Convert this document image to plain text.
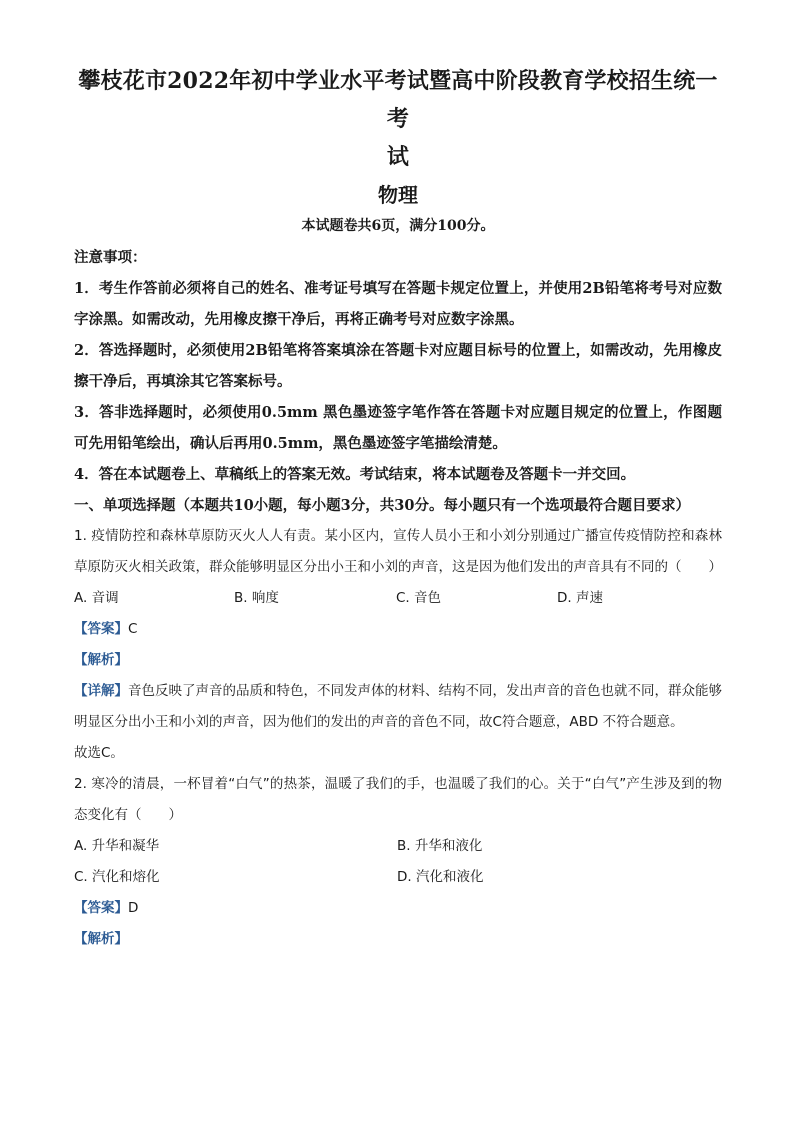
攀枝花市2022年初中学业水平考试暨高中阶段教育学校招生统一考

试

物理

本试题卷共6页，满分100分。

注意事项：

1．考生作答前必须将自己的姓名、准考证号填写在答题卡规定位置上，并使用2B铅笔将考号对应数字涂黑。如需改动，先用橡皮擦干净后，再将正确考号对应数字涂黑。

2．答选择题时，必须使用2B铅笔将答案填涂在答题卡对应题目标号的位置上，如需改动，先用橡皮擦干净后，再填涂其它答案标号。

3．答非选择题时，必须使用0.5mm 黑色墨迹签字笔作答在答题卡对应题目规定的位置上，作图题可先用铅笔绘出，确认后再用0.5mm，黑色墨迹签字笔描绘清楚。

4．答在本试题卷上、草稿纸上的答案无效。考试结束，将本试题卷及答题卡一并交回。

一、单项选择题（本题共10小题，每小题3分，共30分。每小题只有一个选项最符合题目要求）

1. 疫情防控和森林草原防灭火人人有责。某小区内，宣传人员小王和小刘分别通过广播宣传疫情防控和森林草原防灭火相关政策，群众能够明显区分出小王和小刘的声音，这是因为他们发出的声音具有不同的（　　）

A. 音调	B. 响度	C. 音色	D. 声速

【答案】C

【解析】

【详解】音色反映了声音的品质和特色，不同发声体的材料、结构不同，发出声音的音色也就不同，群众能够明显区分出小王和小刘的声音，因为他们的发出的声音的音色不同，故C符合题意，ABD 不符合题意。

故选C。

2. 寒冷的清晨，一杯冒着“白气”的热茶，温暖了我们的手，也温暖了我们的心。关于“白气”产生涉及到的物态变化有（　　）

A. 升华和凝华	B. 升华和液化
C. 汽化和熔化	D. 汽化和液化

【答案】D

【解析】
